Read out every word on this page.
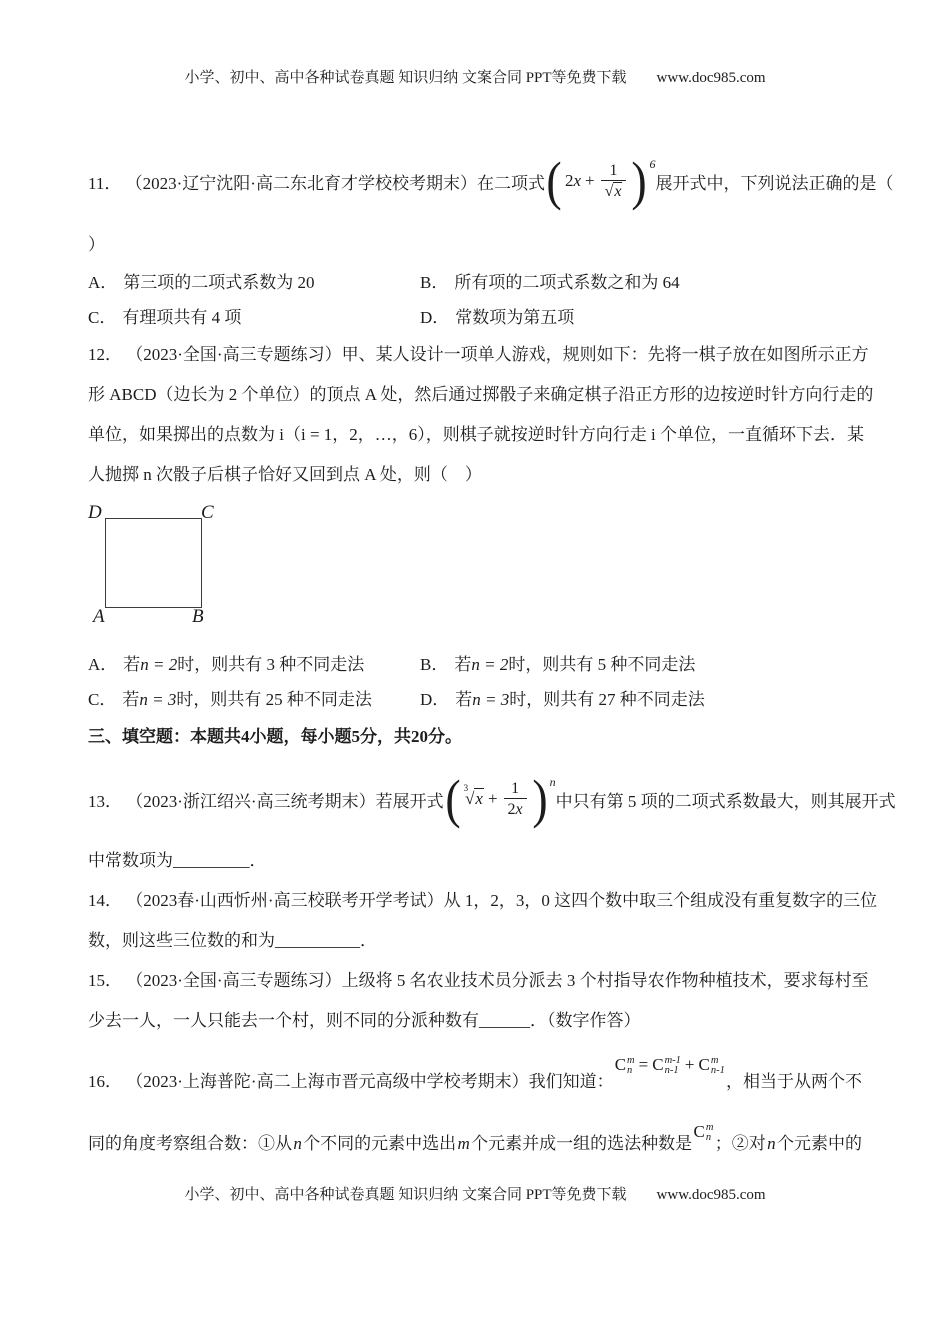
小学、初中、高中各种试卷真题 知识归纳 文案合同 PPT等免费下载 www.doc985.com
11． （2023·辽宁沈阳·高二东北育才学校校考期末）在二项式 ( 2 $x + \frac{1}{√x}$ ) 6
展开式中，下列说法正确的是（
）
A． 第三项的二项式系数为 20	B． 所有项的二项式系数之和为 64
C． 有理项共有 4 项	D． 常数项为第五项
12． （2023·全国·高三专题练习）甲、某人设计一项单人游戏，规则如下：先将一棋子放在如图所示正方
形 ABCD（边长为 2 个单位）的顶点 A 处，然后通过掷骰子来确定棋子沿正方形的边按逆时针方向行走的
单位，如果掷出的点数为 i（i = 1，2，…，6），则棋子就按逆时针方向行走 i 个单位，一直循环下去．某
人抛掷 n 次骰子后棋子恰好又回到点 A 处，则（　）
D	C
A	B
A． 若n = 2时，则共有 3 种不同走法	B． 若n = 2时，则共有 5 种不同走法
C． 若n = 3时，则共有 25 种不同走法	D． 若n = 3时，则共有 27 种不同走法
三、填空题：本题共4小题，每小题5分，共20分。
13． （2023·浙江绍兴·高三统考期末）若展开式 ( $^3√x + \frac{1}{2x}$ ) n
中只有第 5 项的二项式系数最大，则其展开式
中常数项为_________．
14． （2023春·山西忻州·高三校联考开学考试）从 1，2，3，0 这四个数中取三个组成没有重复数字的三位
数，则这些三位数的和为__________．
15． （2023·全国·高三专题练习）上级将 5 名农业技术员分派去 3 个村指导农作物种植技术，要求每村至
少去一人，一人只能去一个村，则不同的分派种数有______．（数字作答）
16． （2023·上海普陀·高二上海市晋元高级中学校考期末）我们知道：
C m
n = C m-1
n-1 + C m
n-1
，相当于从两个不
同的角度考察组合数：①从 n 个不同的元素中选出 m 个元素并成一组的选法种数是
C m
n ；②对 n 个元素中的
小学、初中、高中各种试卷真题 知识归纳 文案合同 PPT等免费下载 www.doc985.com
